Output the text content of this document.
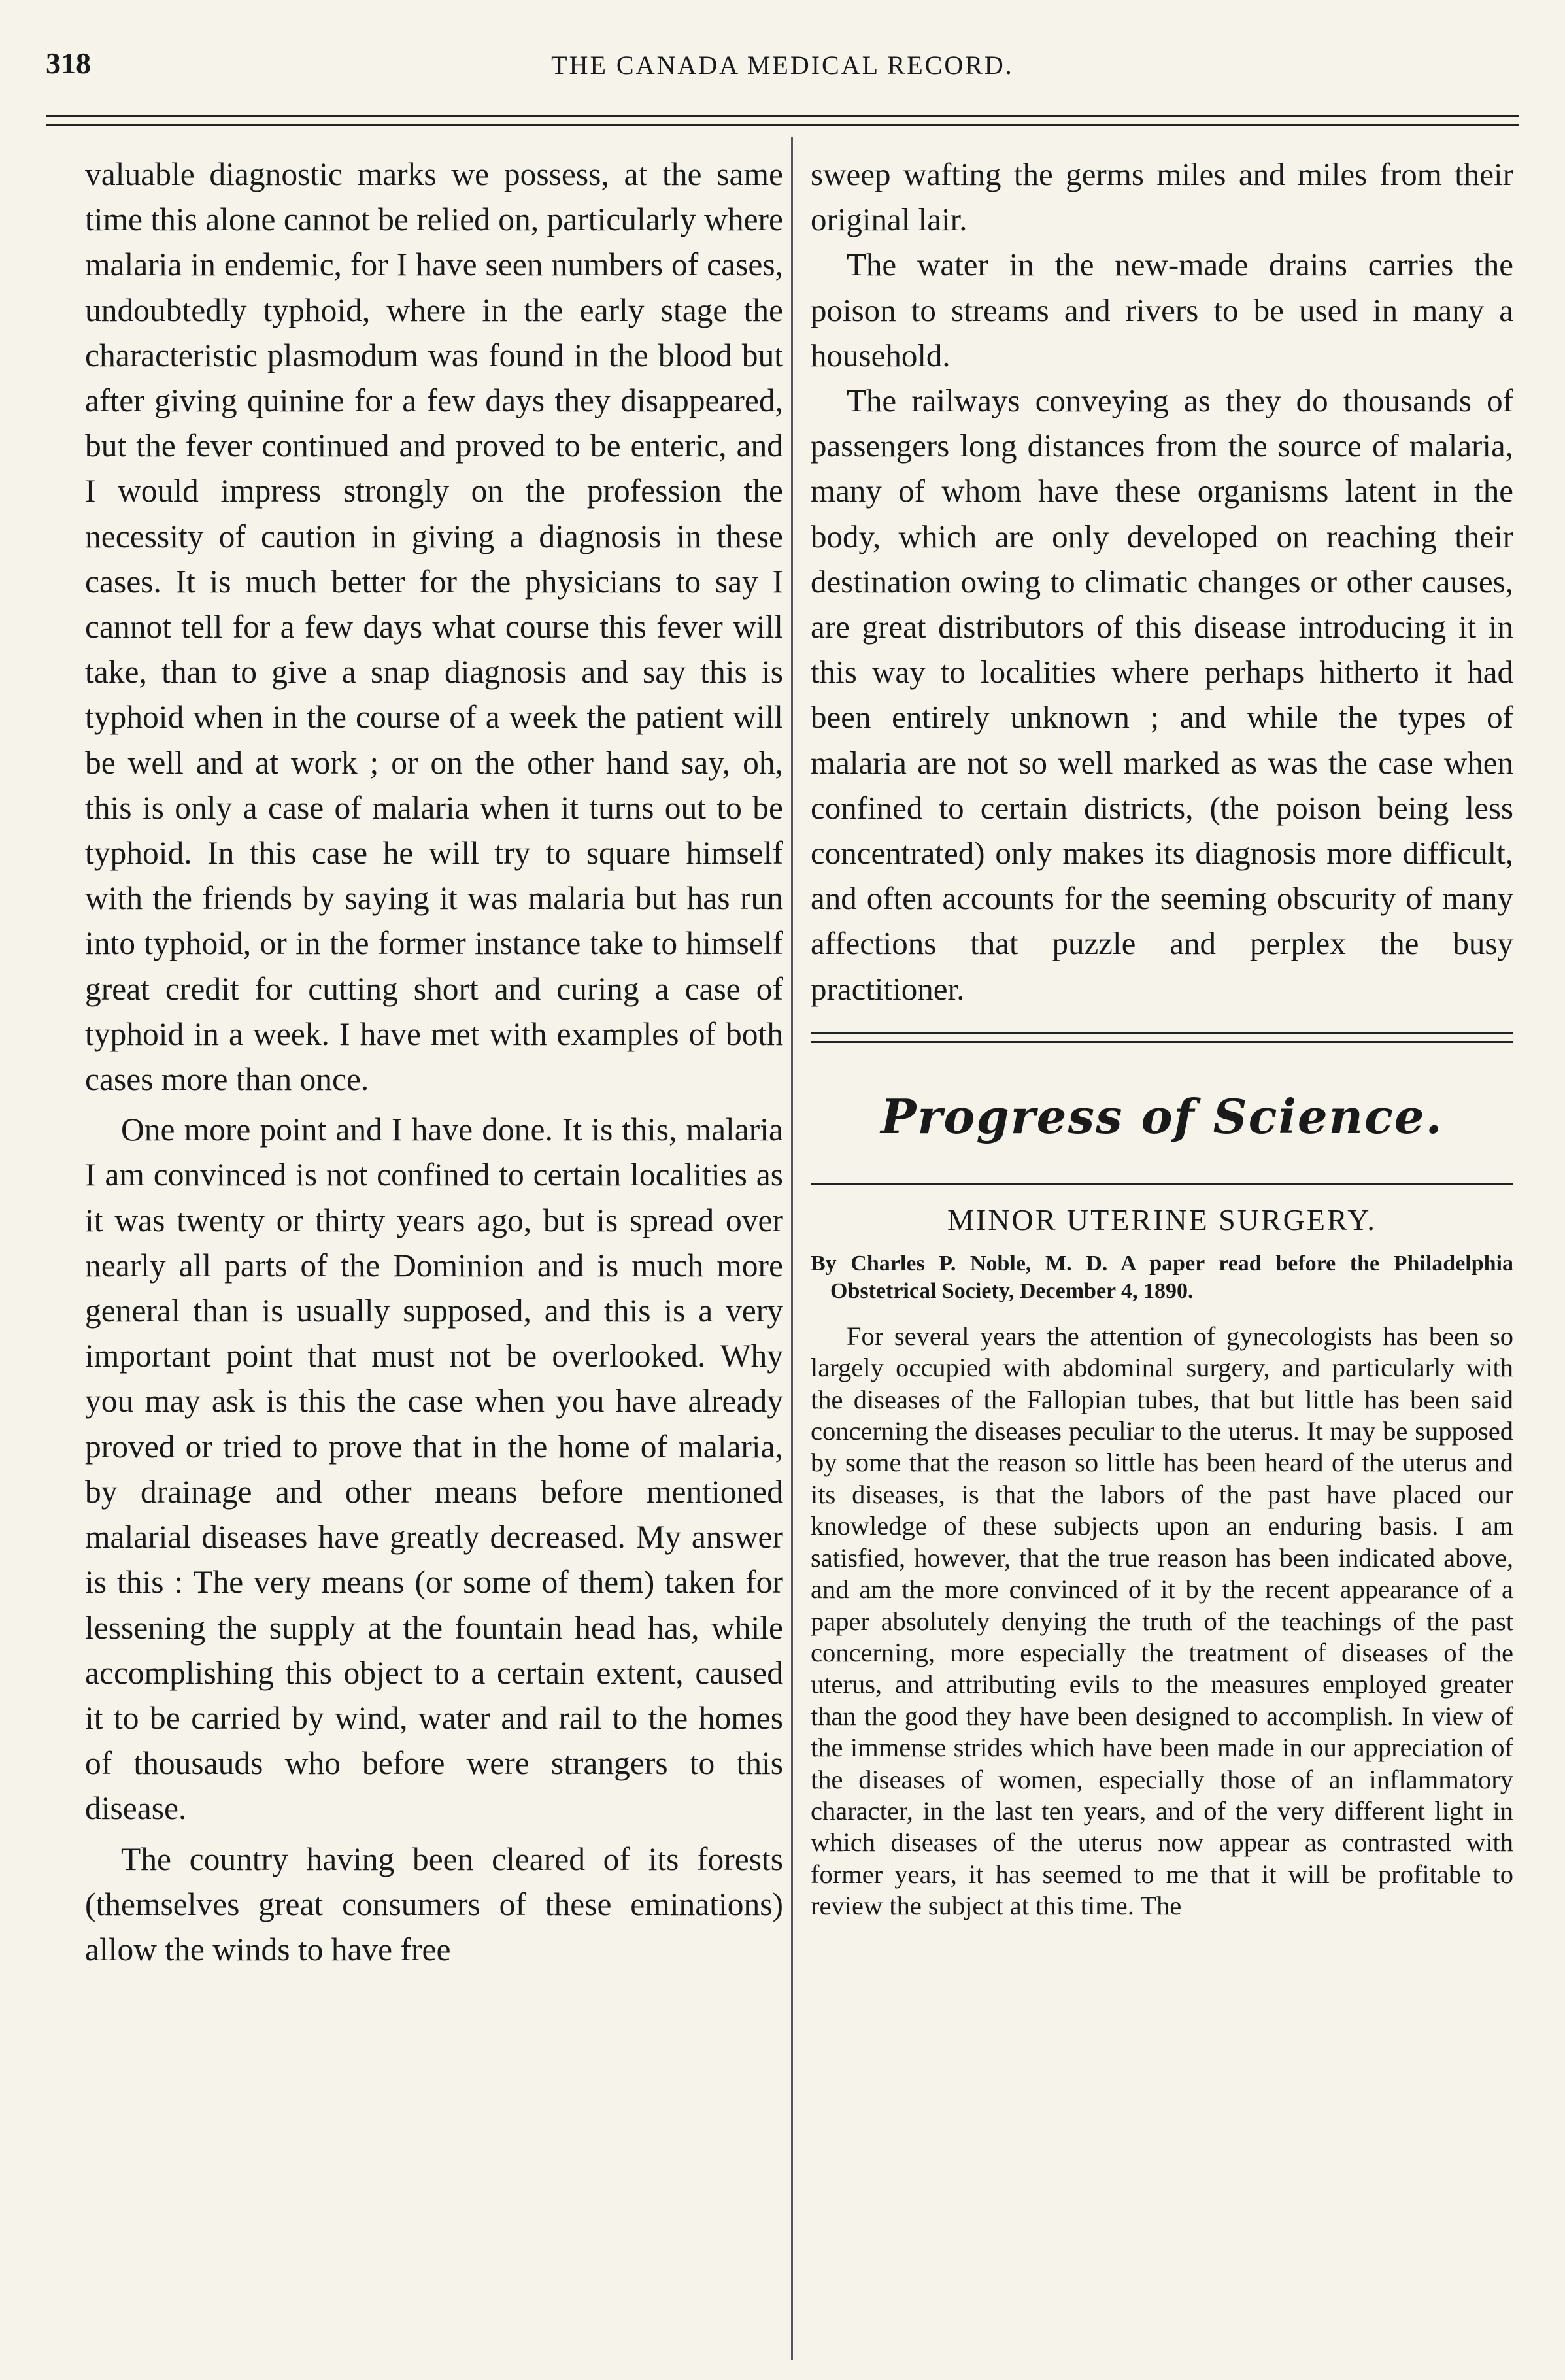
318	THE CANADA MEDICAL RECORD.

valuable diagnostic marks we possess, at the same time this alone cannot be relied on, particularly where malaria in endemic, for I have seen numbers of cases, undoubtedly typhoid, where in the early stage the characteristic plasmodum was found in the blood but after giving quinine for a few days they disappeared, but the fever continued and proved to be enteric, and I would impress strongly on the profession the necessity of caution in giving a diagnosis in these cases. It is much better for the physicians to say I cannot tell for a few days what course this fever will take, than to give a snap diagnosis and say this is typhoid when in the course of a week the patient will be well and at work ; or on the other hand say, oh, this is only a case of malaria when it turns out to be typhoid. In this case he will try to square himself with the friends by saying it was malaria but has run into typhoid, or in the former instance take to himself great credit for cutting short and curing a case of typhoid in a week. I have met with examples of both cases more than once.

One more point and I have done. It is this, malaria I am convinced is not confined to certain localities as it was twenty or thirty years ago, but is spread over nearly all parts of the Dominion and is much more general than is usually supposed, and this is a very important point that must not be overlooked. Why you may ask is this the case when you have already proved or tried to prove that in the home of malaria, by drainage and other means before mentioned malarial diseases have greatly decreased. My answer is this : The very means (or some of them) taken for lessening the supply at the fountain head has, while accomplishing this object to a certain extent, caused it to be carried by wind, water and rail to the homes of thousauds who before were strangers to this disease.

The country having been cleared of its forests (themselves great consumers of these eminations) allow the winds to have free

sweep wafting the germs miles and miles from their original lair.

The water in the new-made drains carries the poison to streams and rivers to be used in many a household.

The railways conveying as they do thousands of passengers long distances from the source of malaria, many of whom have these organisms latent in the body, which are only developed on reaching their destination owing to climatic changes or other causes, are great distributors of this disease introducing it in this way to localities where perhaps hitherto it had been entirely unknown ; and while the types of malaria are not so well marked as was the case when confined to certain districts, (the poison being less concentrated) only makes its diagnosis more difficult, and often accounts for the seeming obscurity of many affections that puzzle and perplex the busy practitioner.

Progress of Science.
MINOR UTERINE SURGERY.
By Charles P. Noble, M. D. A paper read before the Philadelphia Obstetrical Society, December 4, 1890.

For several years the attention of gynecologists has been so largely occupied with abdominal surgery, and particularly with the diseases of the Fallopian tubes, that but little has been said concerning the diseases peculiar to the uterus. It may be supposed by some that the reason so little has been heard of the uterus and its diseases, is that the labors of the past have placed our knowledge of these subjects upon an enduring basis. I am satisfied, however, that the true reason has been indicated above, and am the more convinced of it by the recent appearance of a paper absolutely denying the truth of the teachings of the past concerning, more especially the treatment of diseases of the uterus, and attributing evils to the measures employed greater than the good they have been designed to accomplish. In view of the immense strides which have been made in our appreciation of the diseases of women, especially those of an inflammatory character, in the last ten years, and of the very different light in which diseases of the uterus now appear as contrasted with former years, it has seemed to me that it will be profitable to review the subject at this time. The
